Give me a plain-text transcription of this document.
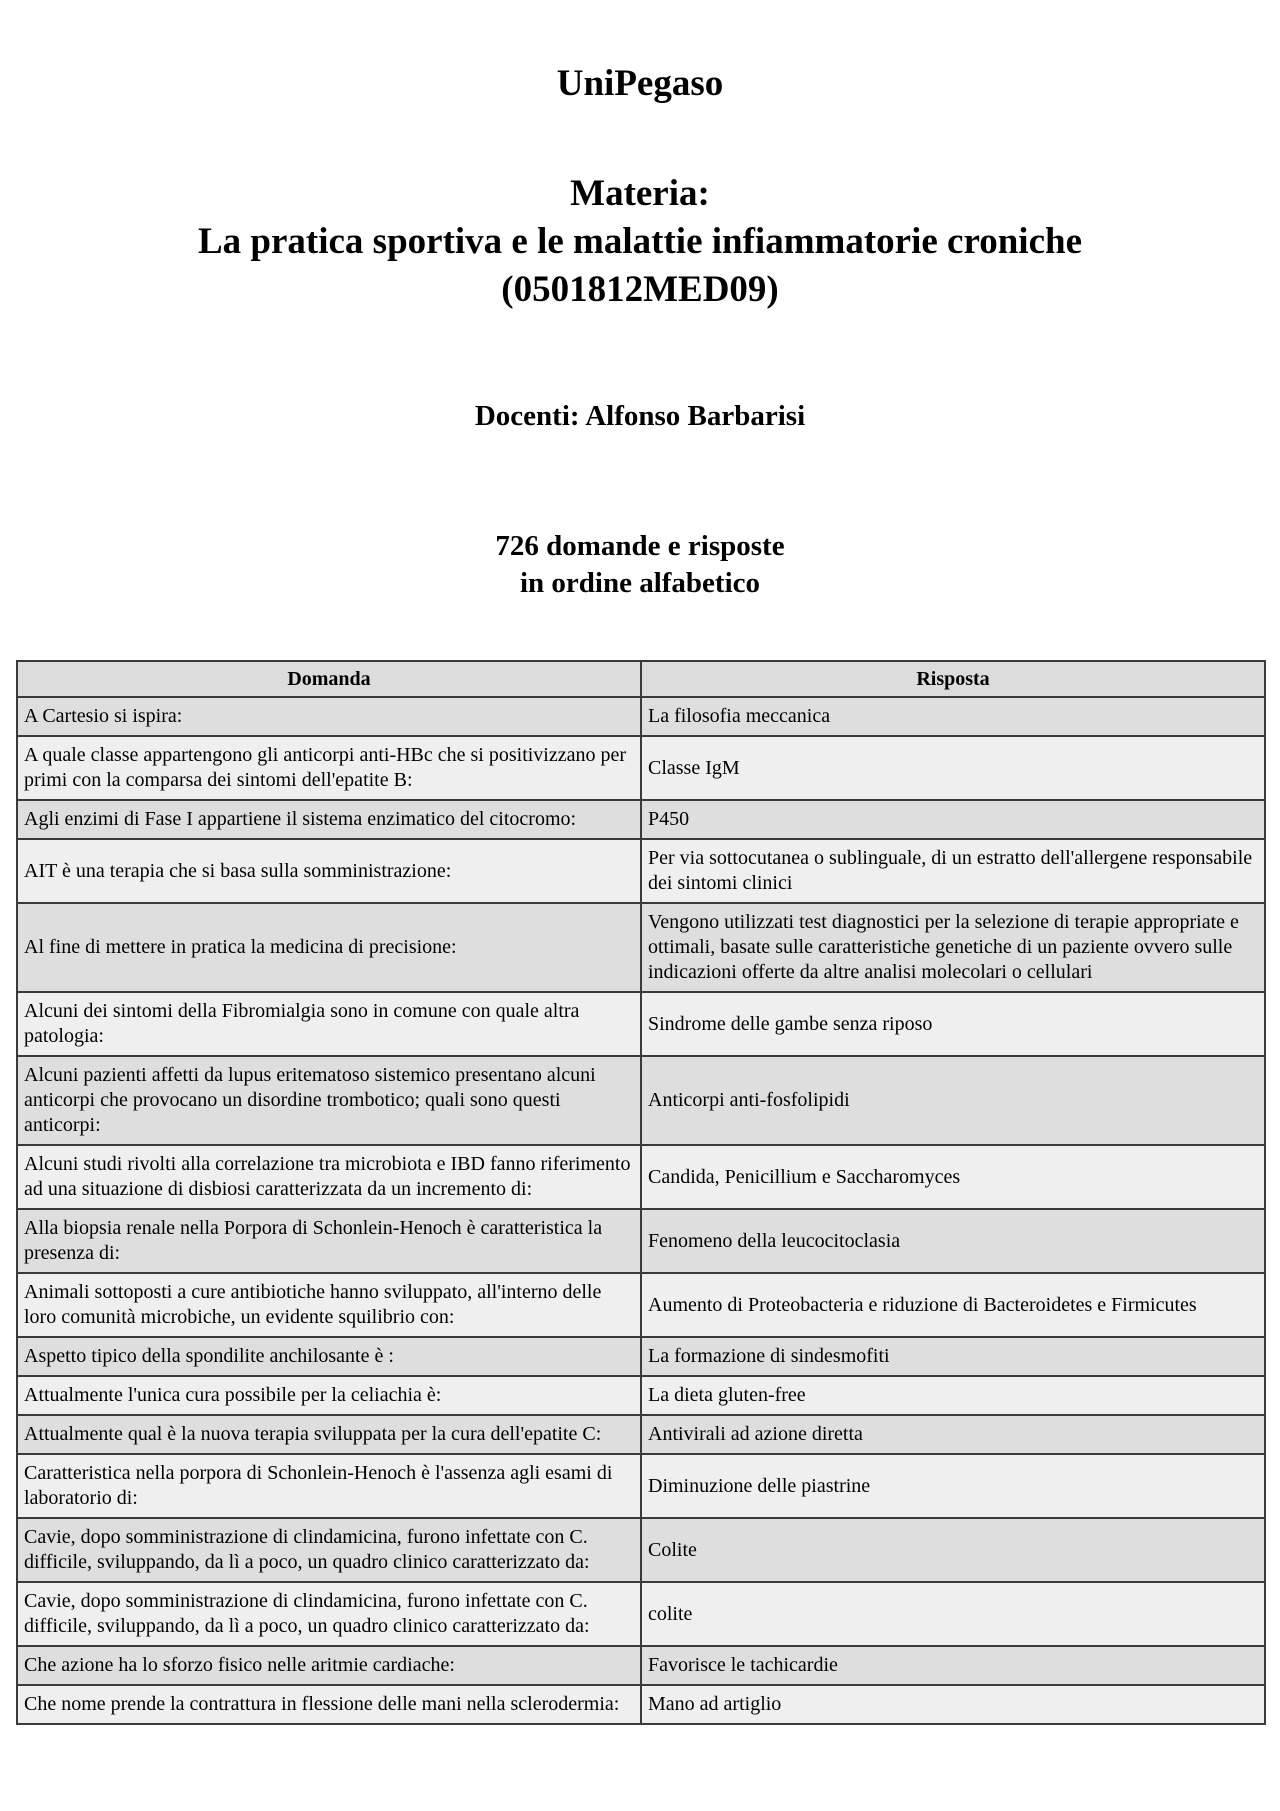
UniPegaso
Materia:
La pratica sportiva e le malattie infiammatorie croniche
(0501812MED09)
Docenti: Alfonso Barbarisi
726 domande e risposte
in ordine alfabetico
Domanda	Risposta
A Cartesio si ispira:	La filosofia meccanica
A quale classe appartengono gli anticorpi anti-HBc che si positivizzano per primi con la comparsa dei sintomi dell'epatite B:	Classe IgM
Agli enzimi di Fase I appartiene il sistema enzimatico del citocromo:	P450
AIT è una terapia che si basa sulla somministrazione:	Per via sottocutanea o sublinguale, di un estratto dell'allergene responsabile dei sintomi clinici
Al fine di mettere in pratica la medicina di precisione:	Vengono utilizzati test diagnostici per la selezione di terapie appropriate e ottimali, basate sulle caratteristiche genetiche di un paziente ovvero sulle indicazioni offerte da altre analisi molecolari o cellulari
Alcuni dei sintomi della Fibromialgia sono in comune con quale altra patologia:	Sindrome delle gambe senza riposo
Alcuni pazienti affetti da lupus eritematoso sistemico presentano alcuni anticorpi che provocano un disordine trombotico; quali sono questi anticorpi:	Anticorpi anti-fosfolipidi
Alcuni studi rivolti alla correlazione tra microbiota e IBD fanno riferimento ad una situazione di disbiosi caratterizzata da un incremento di:	Candida, Penicillium e Saccharomyces
Alla biopsia renale nella Porpora di Schonlein-Henoch è caratteristica la presenza di:	Fenomeno della leucocitoclasia
Animali sottoposti a cure antibiotiche hanno sviluppato, all'interno delle loro comunità microbiche, un evidente squilibrio con:	Aumento di Proteobacteria e riduzione di Bacteroidetes e Firmicutes
Aspetto tipico della spondilite anchilosante è :	La formazione di sindesmofiti
Attualmente l'unica cura possibile per la celiachia è:	La dieta gluten-free
Attualmente qual è la nuova terapia sviluppata per la cura dell'epatite C:	Antivirali ad azione diretta
Caratteristica nella porpora di Schonlein-Henoch è l'assenza agli esami di laboratorio di:	Diminuzione delle piastrine
Cavie, dopo somministrazione di clindamicina, furono infettate con C. difficile, sviluppando, da lì a poco, un quadro clinico caratterizzato da:	Colite
Cavie, dopo somministrazione di clindamicina, furono infettate con C. difficile, sviluppando, da lì a poco, un quadro clinico caratterizzato da:	colite
Che azione ha lo sforzo fisico nelle aritmie cardiache:	Favorisce le tachicardie
Che nome prende la contrattura in flessione delle mani nella sclerodermia:	Mano ad artiglio
